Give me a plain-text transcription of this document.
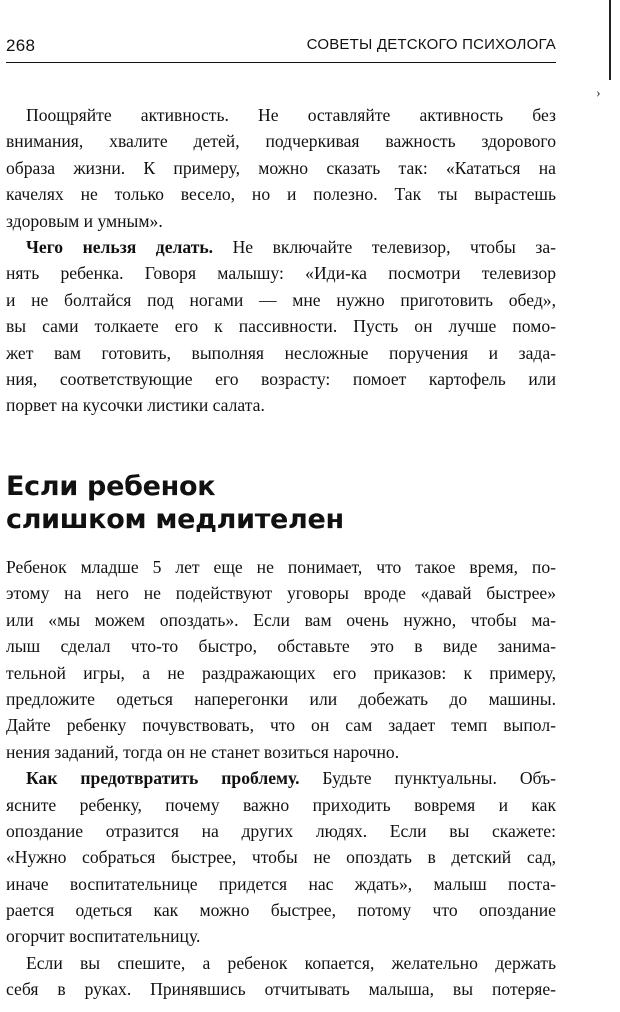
268	СОВЕТЫ ДЕТСКОГО ПСИХОЛОГА
›
Поощряйте активность. Не оставляйте активность без
внимания, хвалите детей, подчеркивая важность здорового
образа жизни. К примеру, можно сказать так: «Кататься на
качелях не только весело, но и полезно. Так ты вырастешь
здоровым и умным».
Чего нельзя делать. Не включайте телевизор, чтобы за-
нять ребенка. Говоря малышу: «Иди-ка посмотри телевизор
и не болтайся под ногами — мне нужно приготовить обед»,
вы сами толкаете его к пассивности. Пусть он лучше помо-
жет вам готовить, выполняя несложные поручения и зада-
ния, соответствующие его возрасту: помоет картофель или
порвет на кусочки листики салата.
Если ребенок
слишком медлителен
Ребенок младше 5 лет еще не понимает, что такое время, по-
этому на него не подействуют уговоры вроде «давай быстрее»
или «мы можем опоздать». Если вам очень нужно, чтобы ма-
лыш сделал что-то быстро, обставьте это в виде занима-
тельной игры, а не раздражающих его приказов: к примеру,
предложите одеться наперегонки или добежать до машины.
Дайте ребенку почувствовать, что он сам задает темп выпол-
нения заданий, тогда он не станет возиться нарочно.
Как предотвратить проблему. Будьте пунктуальны. Объ-
ясните ребенку, почему важно приходить вовремя и как
опоздание отразится на других людях. Если вы скажете:
«Нужно собраться быстрее, чтобы не опоздать в детский сад,
иначе воспитательнице придется нас ждать», малыш поста-
рается одеться как можно быстрее, потому что опоздание
огорчит воспитательницу.
Если вы спешите, а ребенок копается, желательно держать
себя в руках. Принявшись отчитывать малыша, вы потеряе-
